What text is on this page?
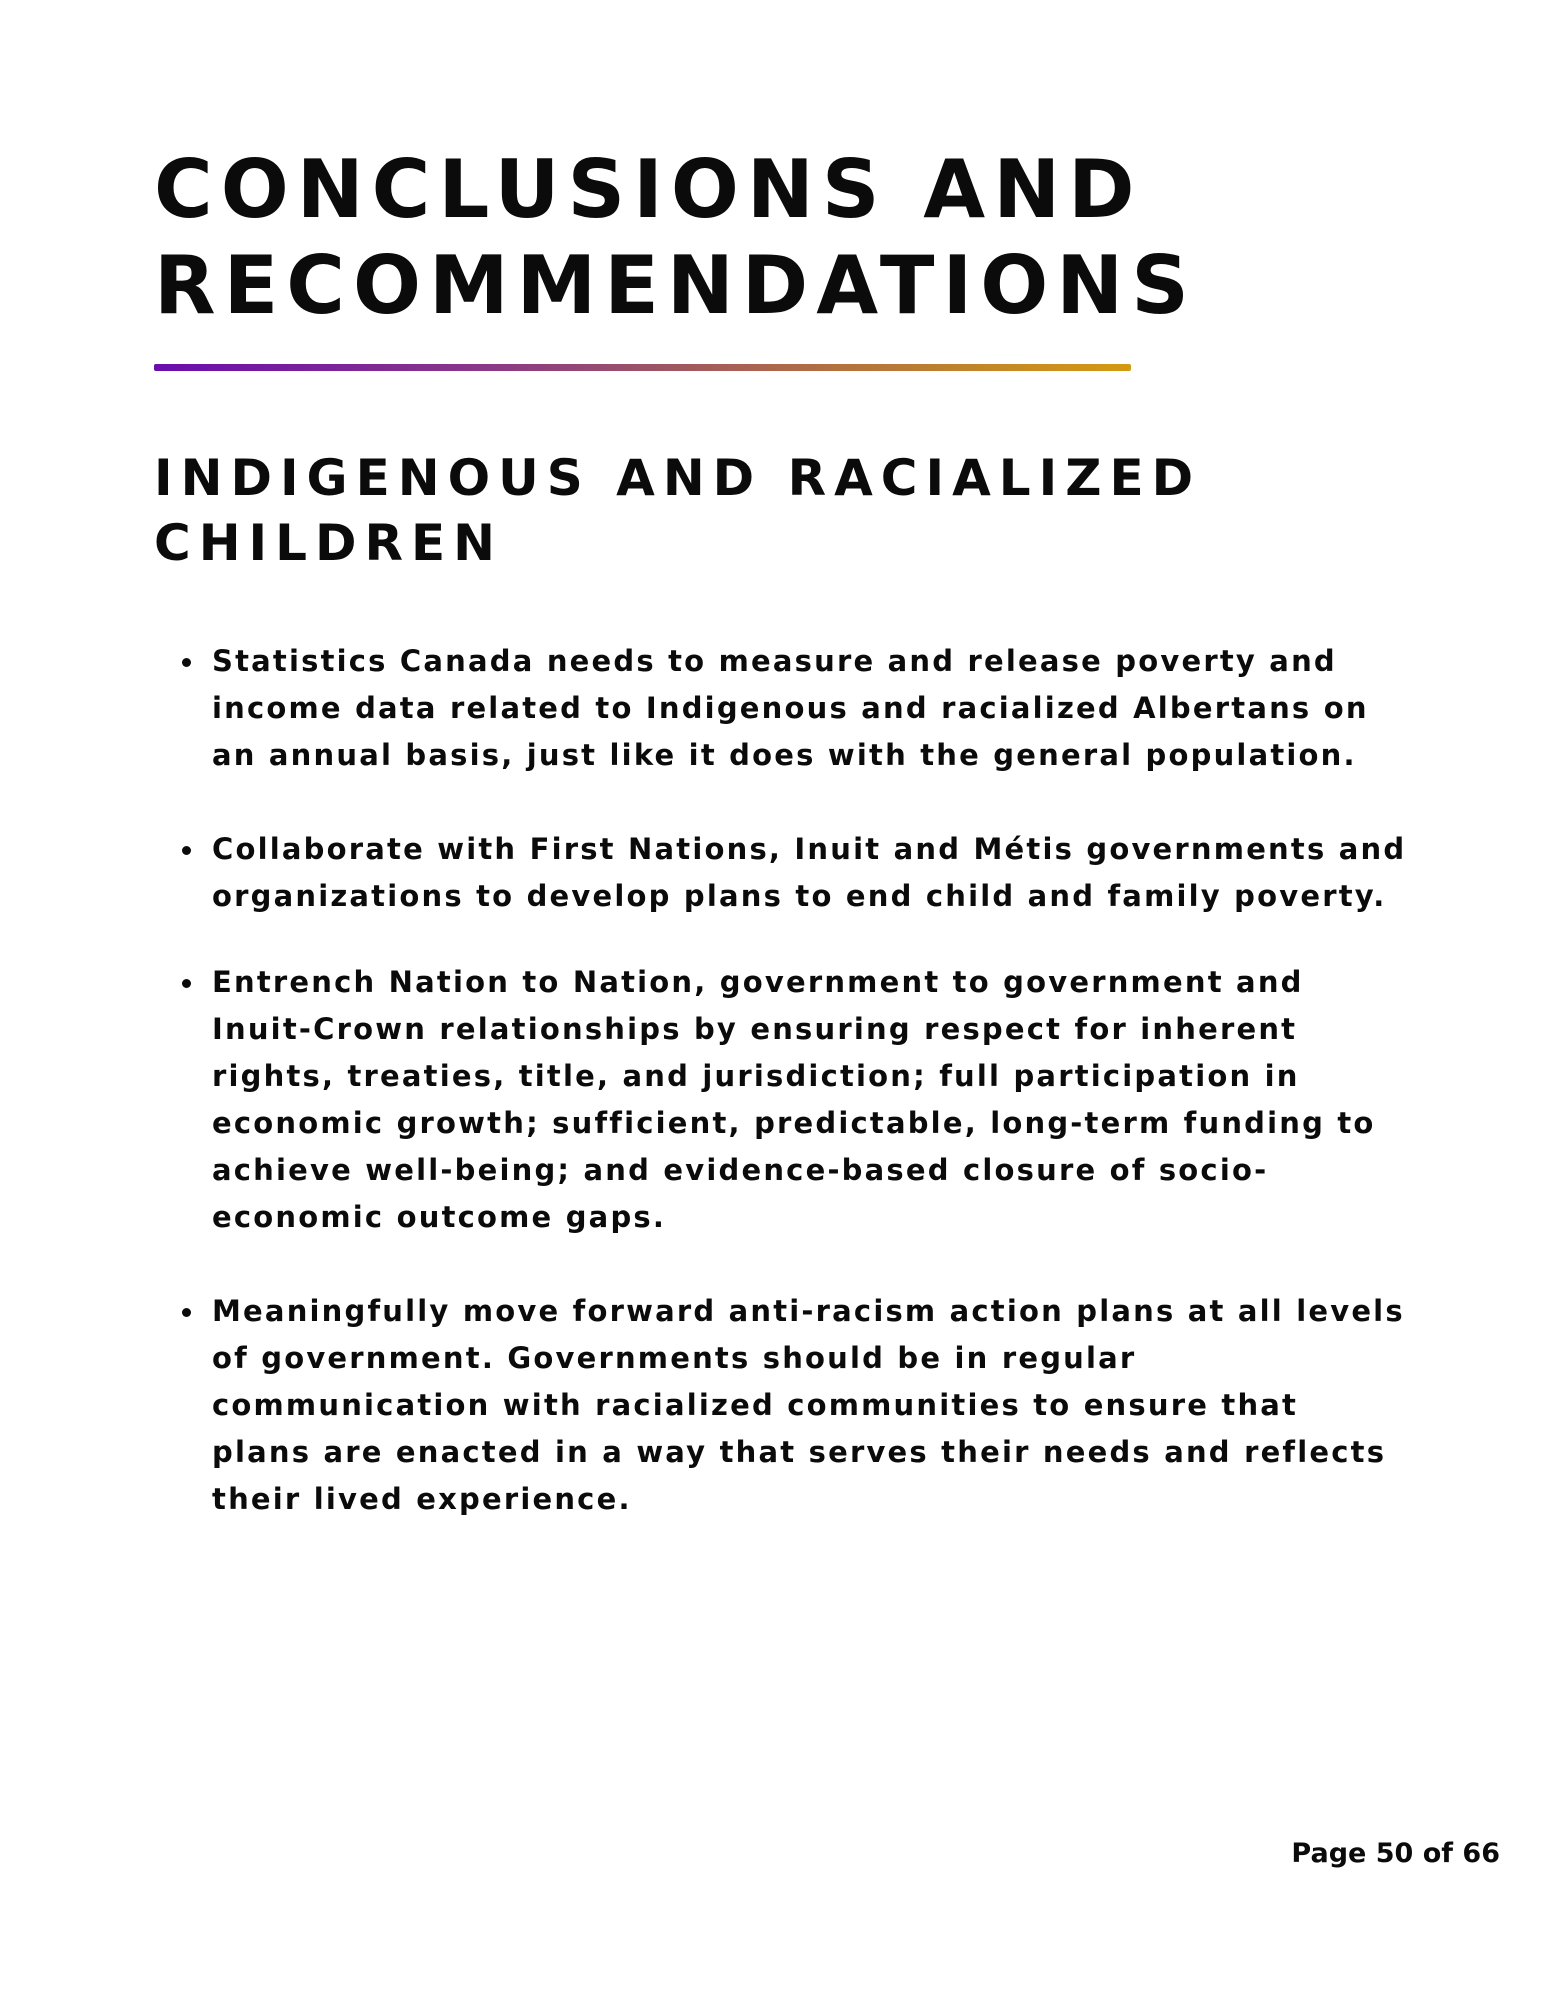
CONCLUSIONS AND
RECOMMENDATIONS
INDIGENOUS AND RACIALIZED
CHILDREN
Statistics Canada needs to measure and release poverty and
income data related to Indigenous and racialized Albertans on
an annual basis, just like it does with the general population.
Collaborate with First Nations, Inuit and Métis governments and
organizations to develop plans to end child and family poverty.
Entrench Nation to Nation, government to government and
Inuit-Crown relationships by ensuring respect for inherent
rights, treaties, title, and jurisdiction; full participation in
economic growth; sufficient, predictable, long-term funding to
achieve well-being; and evidence-based closure of socio-
economic outcome gaps.
Meaningfully move forward anti-racism action plans at all levels
of government. Governments should be in regular
communication with racialized communities to ensure that
plans are enacted in a way that serves their needs and reflects
their lived experience.
Page 50 of 66
